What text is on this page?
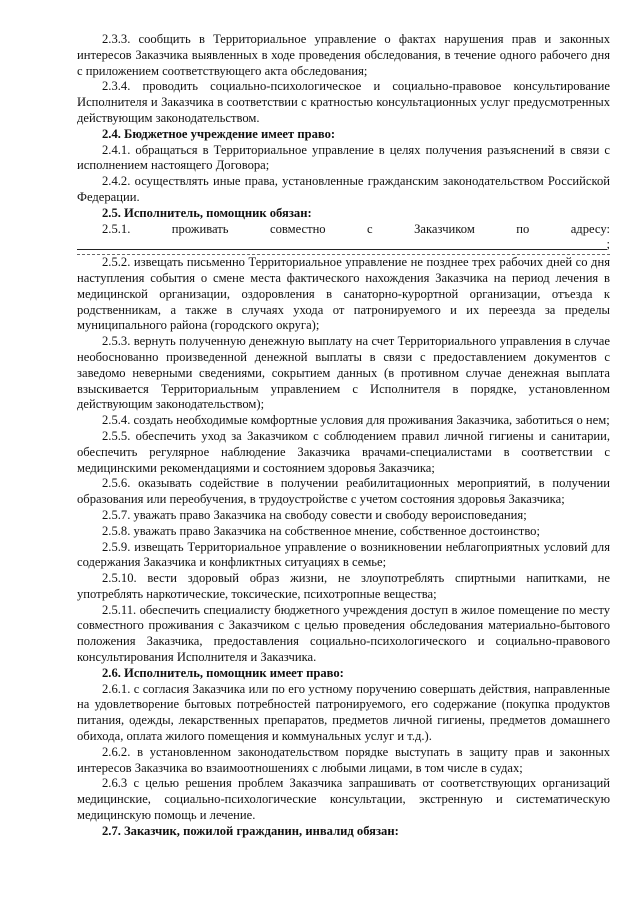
2.3.3. сообщить в Территориальное управление о фактах нарушения прав и законных интересов Заказчика выявленных в ходе проведения обследования, в течение одного рабочего дня с приложением соответствующего акта обследования;

2.3.4. проводить социально-психологическое и социально-правовое консультирование Исполнителя и Заказчика в соответствии с кратностью консультационных услуг предусмотренных действующим законодательством.

2.4. Бюджетное учреждение имеет право:

2.4.1. обращаться в Территориальное управление в целях получения разъяснений в связи с исполнением настоящего Договора;

2.4.2. осуществлять иные права, установленные гражданским законодательством Российской Федерации.

2.5. Исполнитель, помощник обязан:

2.5.1.	проживать	совместно	с	Заказчиком	по	адресу:
;

2.5.2. извещать письменно Территориальное управление не позднее трех рабочих дней со дня наступления события о смене места фактического нахождения Заказчика на период лечения в медицинской организации, оздоровления в санаторно-курортной организации, отъезда к родственникам, а также в случаях ухода от патронируемого и их переезда за пределы муниципального района (городского округа);

2.5.3. вернуть полученную денежную выплату на счет Территориального управления в случае необоснованно произведенной денежной выплаты в связи с предоставлением документов с заведомо неверными сведениями, сокрытием данных (в противном случае денежная выплата взыскивается Территориальным управлением с Исполнителя в порядке, установленном действующим законодательством);

2.5.4. создать необходимые комфортные условия для проживания Заказчика, заботиться о нем;

2.5.5. обеспечить уход за Заказчиком с соблюдением правил личной гигиены и санитарии, обеспечить регулярное наблюдение Заказчика врачами-специалистами в соответствии с медицинскими рекомендациями и состоянием здоровья Заказчика;

2.5.6. оказывать содействие в получении реабилитационных мероприятий, в получении образования или переобучения, в трудоустройстве с учетом состояния здоровья Заказчика;

2.5.7. уважать право Заказчика на свободу совести и свободу вероисповедания;

2.5.8. уважать право Заказчика на собственное мнение, собственное достоинство;

2.5.9. извещать Территориальное управление о возникновении неблагоприятных условий для содержания Заказчика и конфликтных ситуациях в семье;

2.5.10. вести здоровый образ жизни, не злоупотреблять спиртными напитками, не употреблять наркотические, токсические, психотропные вещества;

2.5.11. обеспечить специалисту бюджетного учреждения доступ в жилое помещение по месту совместного проживания с Заказчиком с целью проведения обследования материально-бытового положения Заказчика, предоставления социально-психологического и социально-правового консультирования Исполнителя и Заказчика.

2.6. Исполнитель, помощник имеет право:

2.6.1. с согласия Заказчика или по его устному поручению совершать действия, направленные на удовлетворение бытовых потребностей патронируемого, его содержание (покупка продуктов питания, одежды, лекарственных препаратов, предметов личной гигиены, предметов домашнего обихода, оплата жилого помещения и коммунальных услуг и т.д.).

2.6.2. в установленном законодательством порядке выступать в защиту прав и законных интересов Заказчика во взаимоотношениях с любыми лицами, в том числе в судах;

2.6.3 с целью решения проблем Заказчика запрашивать от соответствующих организаций медицинские, социально-психологические консультации, экстренную и систематическую медицинскую помощь и лечение.

2.7. Заказчик, пожилой гражданин, инвалид обязан:
